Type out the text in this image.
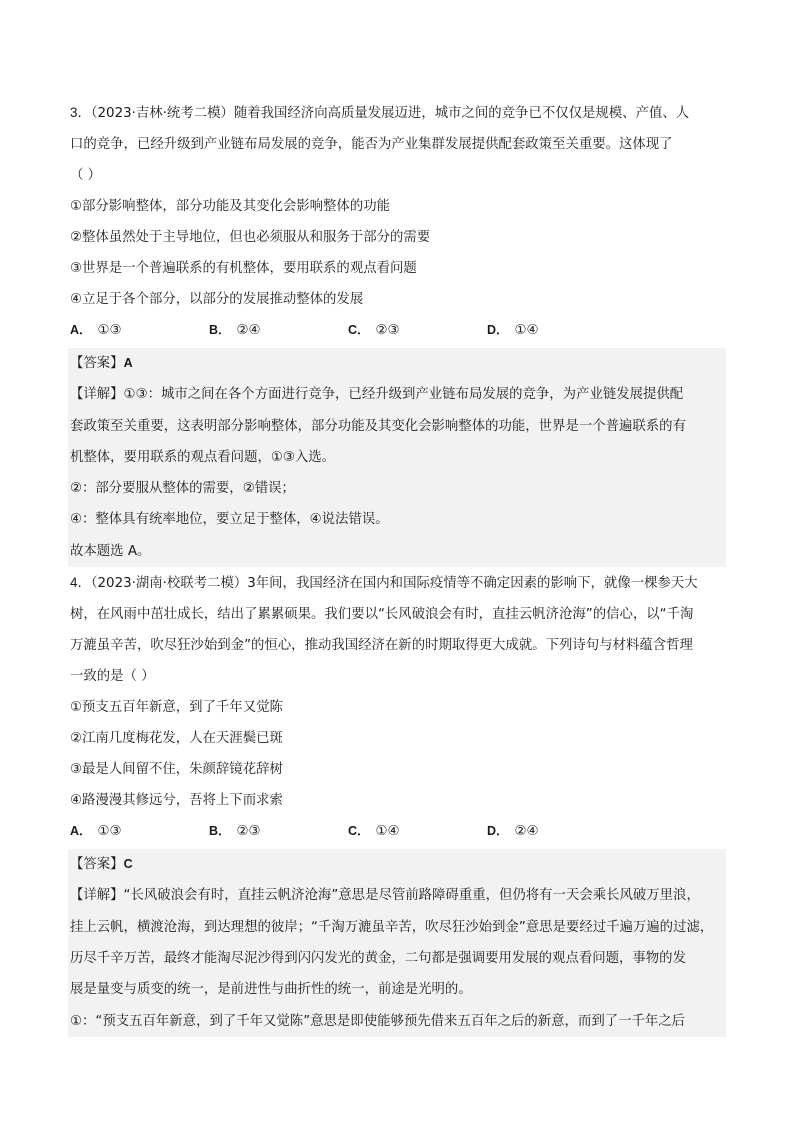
3．（2023·吉林·统考二模）随着我国经济向高质量发展迈进，城市之间的竞争已不仅仅是规模、产值、人
口的竞争，已经升级到产业链布局发展的竞争，能否为产业集群发展提供配套政策至关重要。这体现了
（ ）
①部分影响整体，部分功能及其变化会影响整体的功能
②整体虽然处于主导地位，但也必须服从和服务于部分的需要
③世界是一个普遍联系的有机整体，要用联系的观点看问题
④立足于各个部分，以部分的发展推动整体的发展
A． ①③	B． ②④	C． ②③	D． ①④
【答案】A
【详解】①③：城市之间在各个方面进行竞争，已经升级到产业链布局发展的竞争，为产业链发展提供配
套政策至关重要，这表明部分影响整体，部分功能及其变化会影响整体的功能，世界是一个普遍联系的有
机整体，要用联系的观点看问题，①③入选。
②：部分要服从整体的需要，②错误；
④：整体具有统率地位，要立足于整体，④说法错误。
故本题选 A。
4．（2023·湖南·校联考二模）3年间，我国经济在国内和国际疫情等不确定因素的影响下，就像一棵参天大
树，在风雨中茁壮成长，结出了累累硕果。我们要以“长风破浪会有时，直挂云帆济沧海”的信心，以“千淘
万漉虽辛苦，吹尽狂沙始到金”的恒心，推动我国经济在新的时期取得更大成就。下列诗句与材料蕴含哲理
一致的是（ ）
①预支五百年新意，到了千年又觉陈
②江南几度梅花发，人在天涯鬓已斑
③最是人间留不住，朱颜辞镜花辞树
④路漫漫其修远兮，吾将上下而求索
A． ①③	B． ②③	C． ①④	D． ②④
【答案】C
【详解】“长风破浪会有时，直挂云帆济沧海”意思是尽管前路障碍重重，但仍将有一天会乘长风破万里浪，
挂上云帆，横渡沧海，到达理想的彼岸；“千淘万漉虽辛苦，吹尽狂沙始到金”意思是要经过千遍万遍的过滤，
历尽千辛万苦，最终才能淘尽泥沙得到闪闪发光的黄金，二句都是强调要用发展的观点看问题，事物的发
展是量变与质变的统一，是前进性与曲折性的统一，前途是光明的。
①：“预支五百年新意，到了千年又觉陈”意思是即使能够预先借来五百年之后的新意，而到了一千年之后
